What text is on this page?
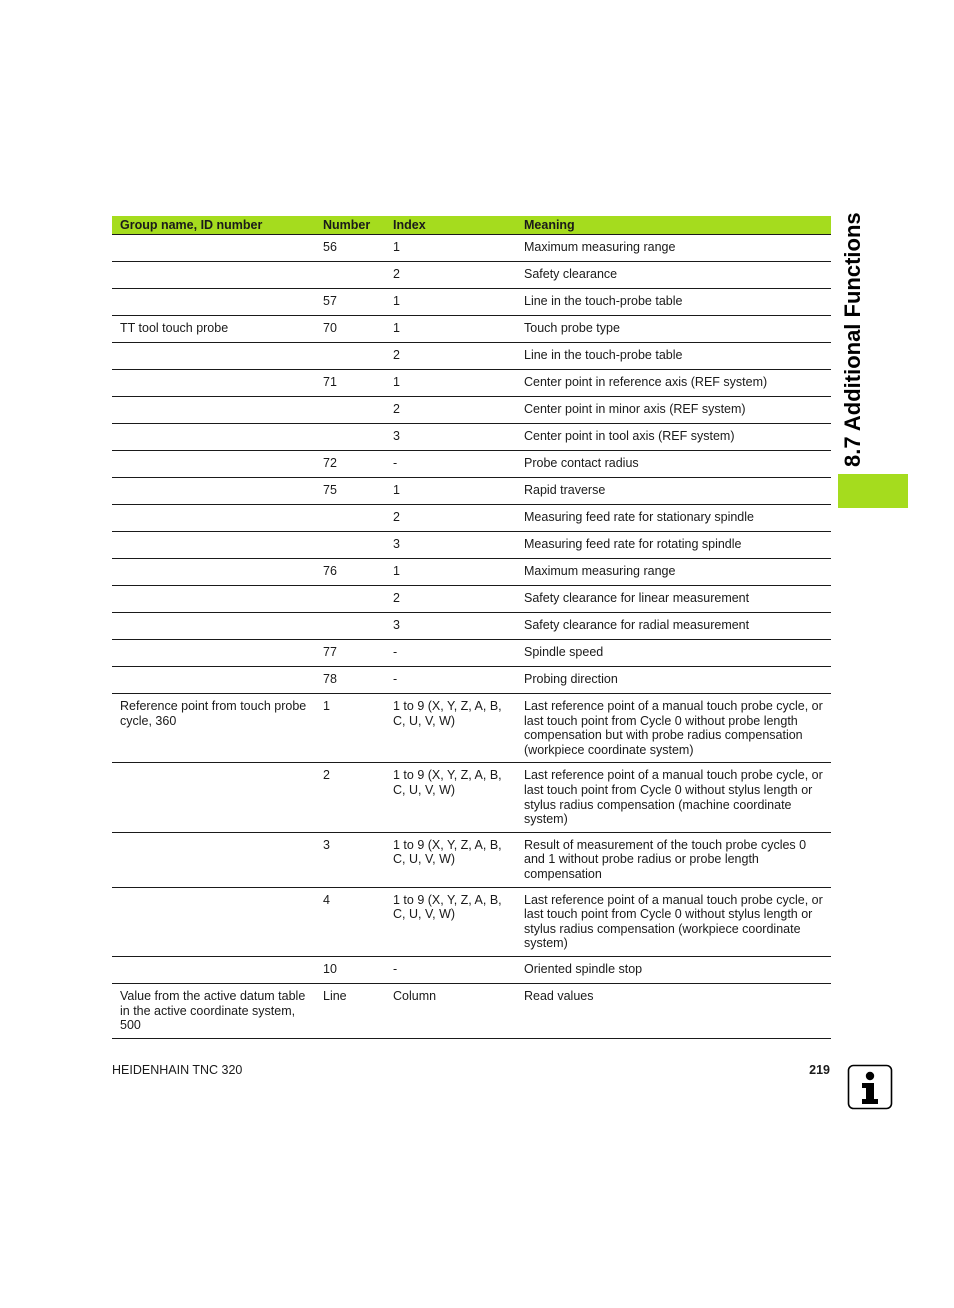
Group name, ID number	Number	Index	Meaning
	56	1	Maximum measuring range
		2	Safety clearance
	57	1	Line in the touch-probe table
TT tool touch probe	70	1	Touch probe type
		2	Line in the touch-probe table
	71	1	Center point in reference axis (REF system)
		2	Center point in minor axis (REF system)
		3	Center point in tool axis (REF system)
	72	-	Probe contact radius
	75	1	Rapid traverse
		2	Measuring feed rate for stationary spindle
		3	Measuring feed rate for rotating spindle
	76	1	Maximum measuring range
		2	Safety clearance for linear measurement
		3	Safety clearance for radial measurement
	77	-	Spindle speed
	78	-	Probing direction
Reference point from touch probe cycle, 360	1	1 to 9 (X, Y, Z, A, B, C, U, V, W)	Last reference point of a manual touch probe cycle, or last touch point from Cycle 0 without probe length compensation but with probe radius compensation (workpiece coordinate system)
	2	1 to 9 (X, Y, Z, A, B, C, U, V, W)	Last reference point of a manual touch probe cycle, or last touch point from Cycle 0 without stylus length or stylus radius compensation (machine coordinate system)
	3	1 to 9 (X, Y, Z, A, B, C, U, V, W)	Result of measurement of the touch probe cycles 0 and 1 without probe radius or probe length compensation
	4	1 to 9 (X, Y, Z, A, B, C, U, V, W)	Last reference point of a manual touch probe cycle, or last touch point from Cycle 0 without stylus length or stylus radius compensation (workpiece coordinate system)
	10	-	Oriented spindle stop
Value from the active datum table in the active coordinate system, 500	Line	Column	Read values
8.7 Additional Functions
HEIDENHAIN TNC 320	219
